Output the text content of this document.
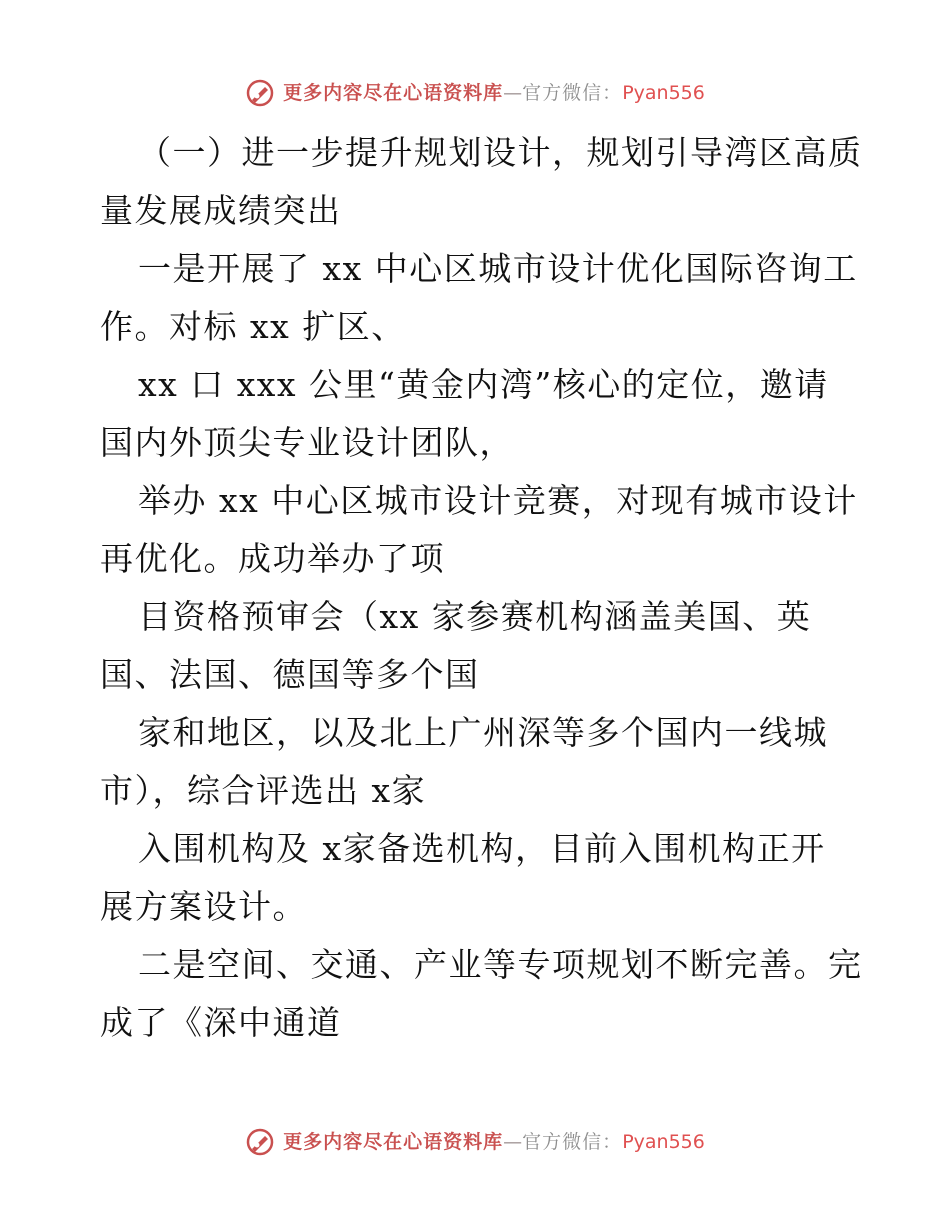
更多内容尽在心语资料库 — 官方微信： Pyan556
（一）进一步提升规划设计，规划引导湾区高质
量发展成绩突出
一是开展了 xx 中心区城市设计优化国际咨询工
作。对标 xx 扩区、
xx 口 xxx 公里“黄金内湾”核心的定位，邀请
国内外顶尖专业设计团队，
举办 xx 中心区城市设计竞赛，对现有城市设计
再优化。成功举办了项
目资格预审会（xx 家参赛机构涵盖美国、英
国、法国、德国等多个国
家和地区，以及北上广州深等多个国内一线城
市），综合评选出 x家
入围机构及 x家备选机构，目前入围机构正开
展方案设计。
二是空间、交通、产业等专项规划不断完善。完
成了《深中通道
更多内容尽在心语资料库 — 官方微信： Pyan556
